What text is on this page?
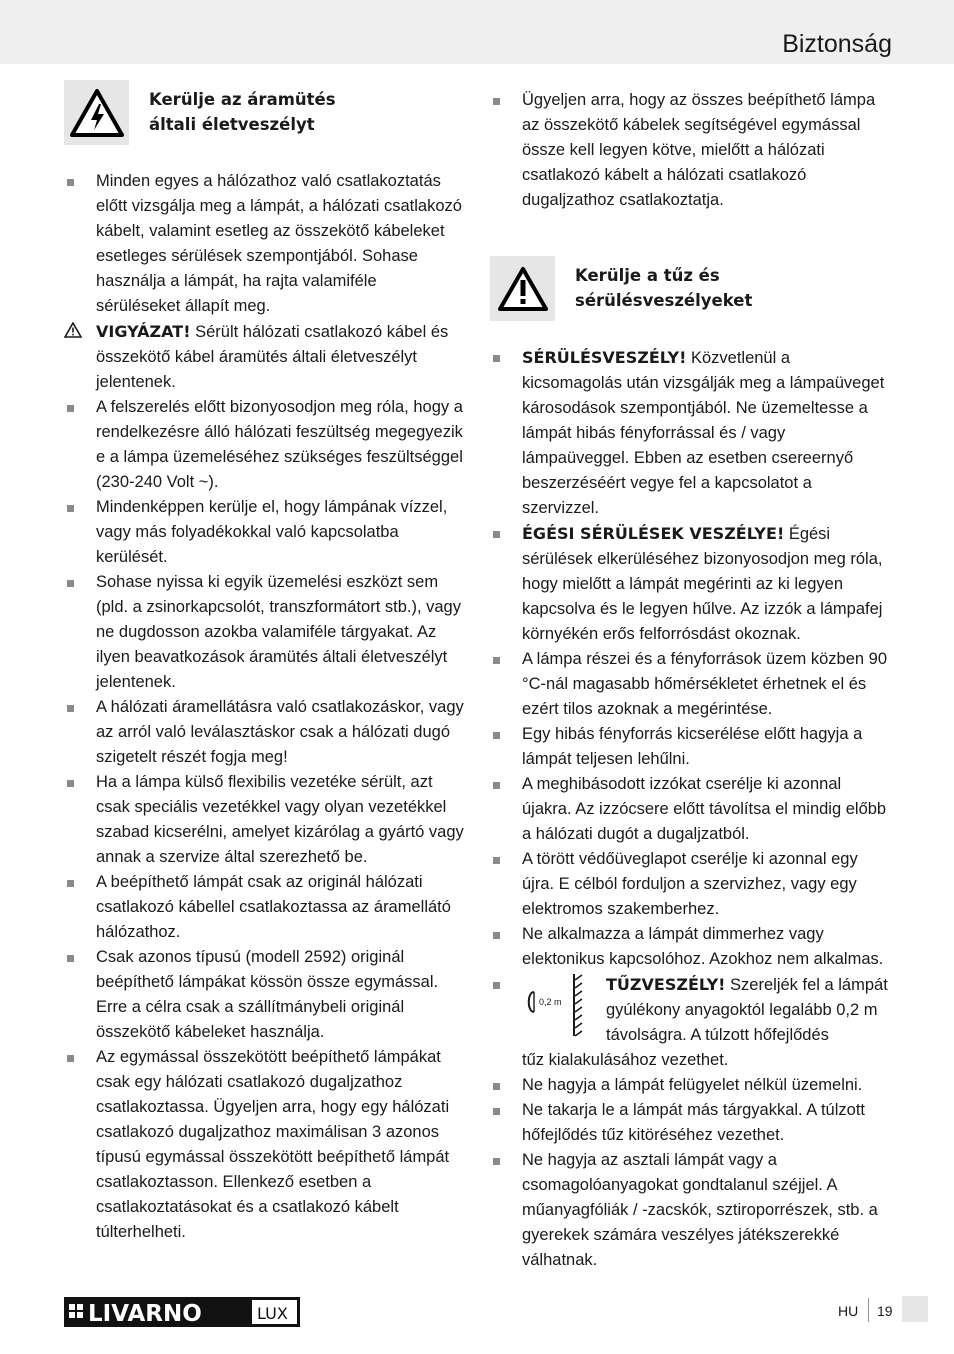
Biztonság
Kerülje az áramütés
általi életveszélyt
Minden egyes a hálózathoz való csatlakoztatás előtt vizsgálja meg a lámpát, a hálózati csatlakozó kábelt, valamint esetleg az összekötő kábeleket esetleges sérülések szempontjából. Sohase használja a lámpát, ha rajta valamiféle sérüléseket állapít meg.
VIGYÁZAT! Sérült hálózati csatlakozó kábel és összekötő kábel áramütés általi életveszélyt jelentenek.
A felszerelés előtt bizonyosodjon meg róla, hogy a rendelkezésre álló hálózati feszültség megegyezik e a lámpa üzemeléséhez szükséges feszültséggel (230-240 Volt ~).
Mindenképpen kerülje el, hogy lámpának vízzel, vagy más folyadékokkal való kapcsolatba kerülését.
Sohase nyissa ki egyik üzemelési eszközt sem (pld. a zsinorkapcsolót, transzformátort stb.), vagy ne dugdosson azokba valamiféle tárgyakat. Az ilyen beavatkozások áramütés általi életveszélyt jelentenek.
A hálózati áramellátásra való csatlakozáskor, vagy az arról való leválasztáskor csak a hálózati dugó szigetelt részét fogja meg!
Ha a lámpa külső flexibilis vezetéke sérült, azt csak speciális vezetékkel vagy olyan vezetékkel szabad kicserélni, amelyet kizárólag a gyártó vagy annak a szervize által szerezhető be.
A beépíthető lámpát csak az originál hálózati csatlakozó kábellel csatlakoztassa az áramellátó hálózathoz.
Csak azonos típusú (modell 2592) originál beépíthető lámpákat kössön össze egymással. Erre a célra csak a szállítmánybeli originál összekötő kábeleket használja.
Az egymással összekötött beépíthető lámpákat csak egy hálózati csatlakozó dugaljzathoz csatlakoztassa. Ügyeljen arra, hogy egy hálózati csatlakozó dugaljzathoz maximálisan 3 azonos típusú egymással összekötött beépíthető lámpát csatlakoztasson. Ellenkező esetben a csatlakoztatásokat és a csatlakozó kábelt túlterhelheti.
Ügyeljen arra, hogy az összes beépíthető lámpa az összekötő kábelek segítségével egymással össze kell legyen kötve, mielőtt a hálózati csatlakozó kábelt a hálózati csatlakozó dugaljzathoz csatlakoztatja.
Kerülje a tűz és
sérülésveszélyeket
SÉRÜLÉSVESZÉLY! Közvetlenül a kicsomagolás után vizsgálják meg a lámpaüveget károsodások szempontjából. Ne üzemeltesse a lámpát hibás fényforrással és / vagy lámpaüveggel. Ebben az esetben csereernyő beszerzéséért vegye fel a kapcsolatot a szervizzel.
ÉGÉSI SÉRÜLÉSEK VESZÉLYE! Égési sérülések elkerüléséhez bizonyosodjon meg róla, hogy mielőtt a lámpát megérinti az ki legyen kapcsolva és le legyen hűlve. Az izzók a lámpafej környékén erős felforrósdást okoznak.
A lámpa részei és a fényforrások üzem közben 90 °C-nál magasabb hőmérsékletet érhetnek el és ezért tilos azoknak a megérintése.
Egy hibás fényforrás kicserélése előtt hagyja a lámpát teljesen lehűlni.
A meghibásodott izzókat cserélje ki azonnal újakra. Az izzócsere előtt távolítsa el mindig előbb a hálózati dugót a dugaljzatból.
A törött védőüveglapot cserélje ki azonnal egy újra. E célból forduljon a szervizhez, vagy egy elektromos szakemberhez.
Ne alkalmazza a lámpát dimmerhez vagy elektonikus kapcsolóhoz. Azokhoz nem alkalmas.
0,2 m
TŰZVESZÉLY! Szereljék fel a lámpát gyúlékony anyagoktól legalább 0,2 m távolságra. A túlzott hőfejlődés
tűz kialakulásához vezethet.
Ne hagyja a lámpát felügyelet nélkül üzemelni.
Ne takarja le a lámpát más tárgyakkal. A túlzott hőfejlődés tűz kitöréséhez vezethet.
Ne hagyja az asztali lámpát vagy a csomagolóanyagokat gondtalanul széjjel. A műanyagfóliák / -zacskók, sztiroporrészek, stb. a gyerekek számára veszélyes játékszerekké válhatnak.
LIVARNO	LUX	HU 19
